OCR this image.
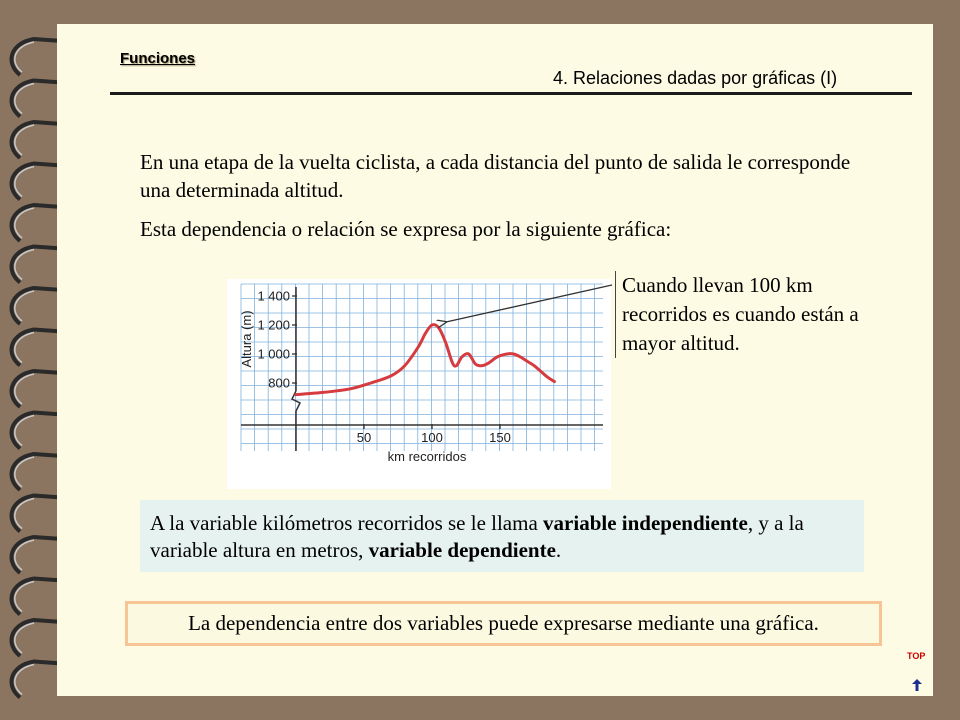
Funciones
4. Relaciones dadas por gráficas (I)
En una etapa de la vuelta ciclista, a cada distancia del punto de salida le corresponde una determinada altitud.
Esta dependencia o relación se expresa por la siguiente gráfica:
800
1 000
1 200
1 400
50	100	150
Altura (m)
km recorridos
Cuando llevan 100 km recorridos es cuando están a mayor altitud.
A la variable kilómetros recorridos se le llama variable independiente, y a la variable altura en metros, variable dependiente.
La dependencia entre dos variables puede expresarse mediante una gráfica.
TOP
